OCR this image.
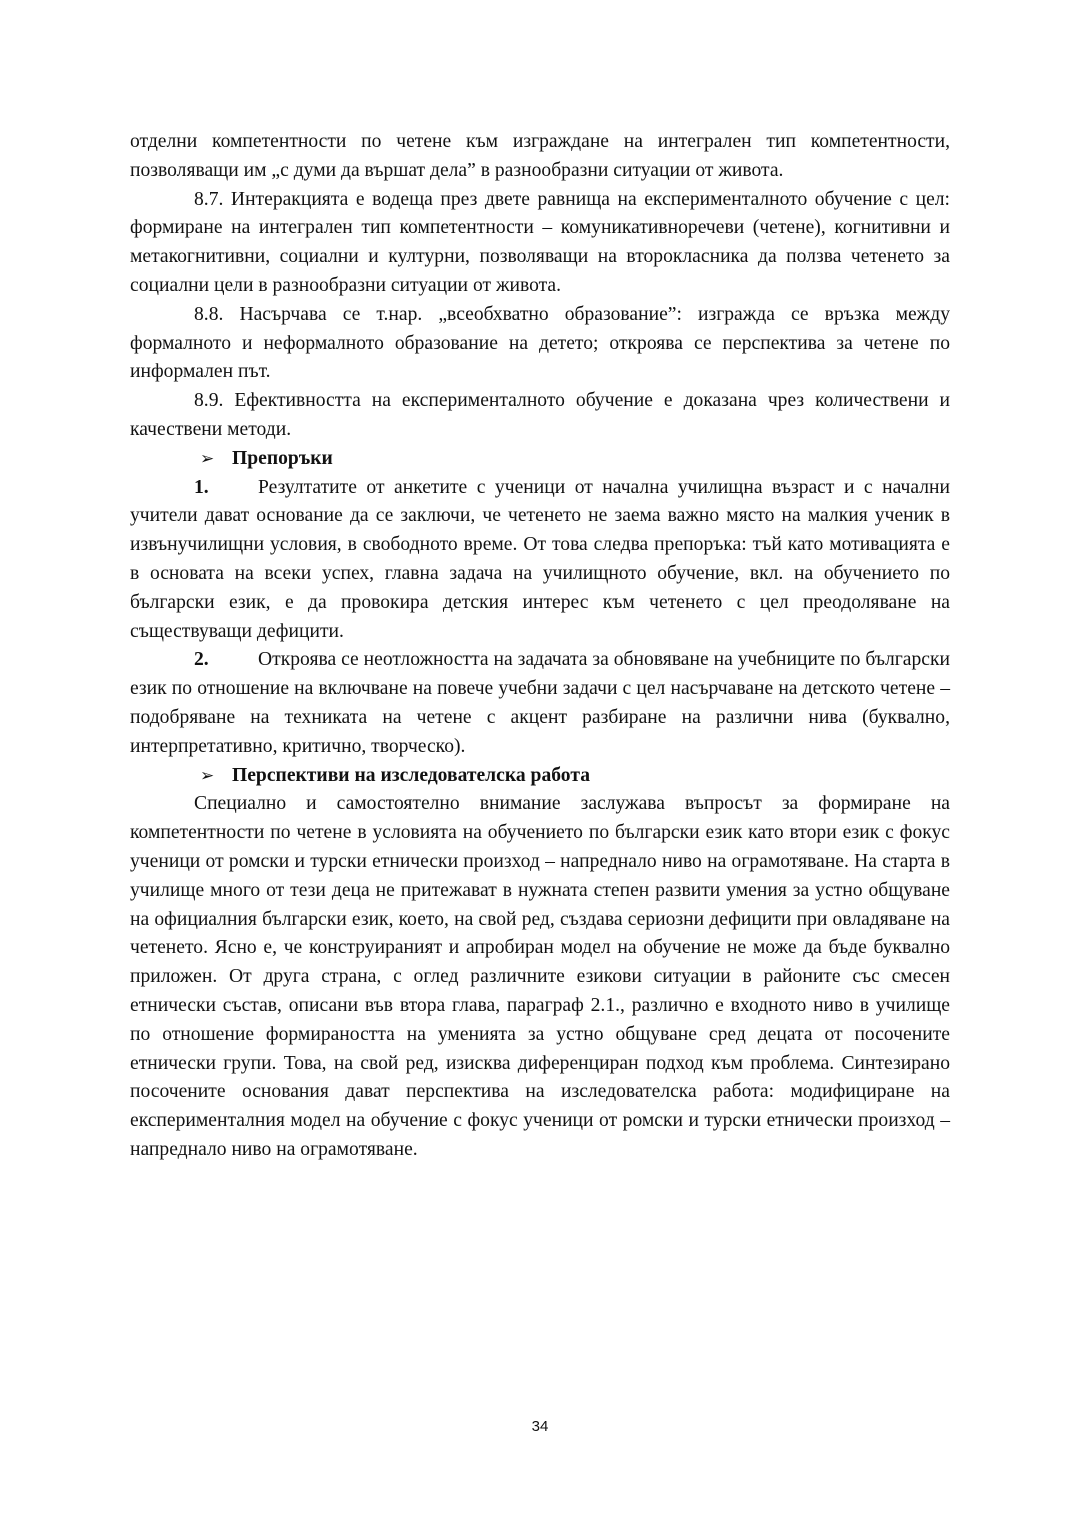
отделни компетентности по четене към изграждане на интегрален тип компетентности, позволяващи им „с думи да вършат дела” в разнообразни ситуации от живота.

8.7. Интеракцията е водеща през двете равнища на експерименталното обучение с цел: формиране на интегрален тип компетентности – комуникативноречеви (четене), когнитивни и метакогнитивни, социални и културни, позволяващи на второкласника да ползва четенето за социални цели в разнообразни ситуации от живота.

8.8. Насърчава се т.нар. „всеобхватно образование”: изгражда се връзка между формалното и неформалното образование на детето; откроява се перспектива за четене по информален път.

8.9. Ефективността на експерименталното обучение е доказана чрез количествени и качествени методи.

➢ Препоръки

1.	Резултатите от анкетите с ученици от начална училищна възраст и с начални учители дават основание да се заключи, че четенето не заема важно място на малкия ученик в извънучилищни условия, в свободното време. От това следва препоръка: тъй като мотивацията е в основата на всеки успех, главна задача на училищното обучение, вкл. на обучението по български език, е да провокира детския интерес към четенето с цел преодоляване на съществуващи дефицити.

2.	Откроява се неотложността на задачата за обновяване на учебниците по български език по отношение на включване на повече учебни задачи с цел насърчаване на детското четене – подобряване на техниката на четене с акцент разбиране на различни нива (буквално, интерпретативно, критично, творческо).

➢ Перспективи на изследователска работа

Специално и самостоятелно внимание заслужава въпросът за формиране на компетентности по четене в условията на обучението по български език като втори език с фокус ученици от ромски и турски етнически произход – напреднало ниво на ограмотяване. На старта в училище много от тези деца не притежават в нужната степен развити умения за устно общуване на официалния български език, което, на свой ред, създава сериозни дефицити при овладяване на четенето. Ясно е, че конструираният и апробиран модел на обучение не може да бъде буквално приложен. От друга страна, с оглед различните езикови ситуации в районите със смесен етнически състав, описани във втора глава, параграф 2.1., различно е входното ниво в училище по отношение формираността на уменията за устно общуване сред децата от посочените етнически групи. Това, на свой ред, изисква диференциран подход към проблема. Синтезирано посочените основания дават перспектива на изследователска работа: модифициране на експерименталния модел на обучение с фокус ученици от ромски и турски етнически произход – напреднало ниво на ограмотяване.

34
